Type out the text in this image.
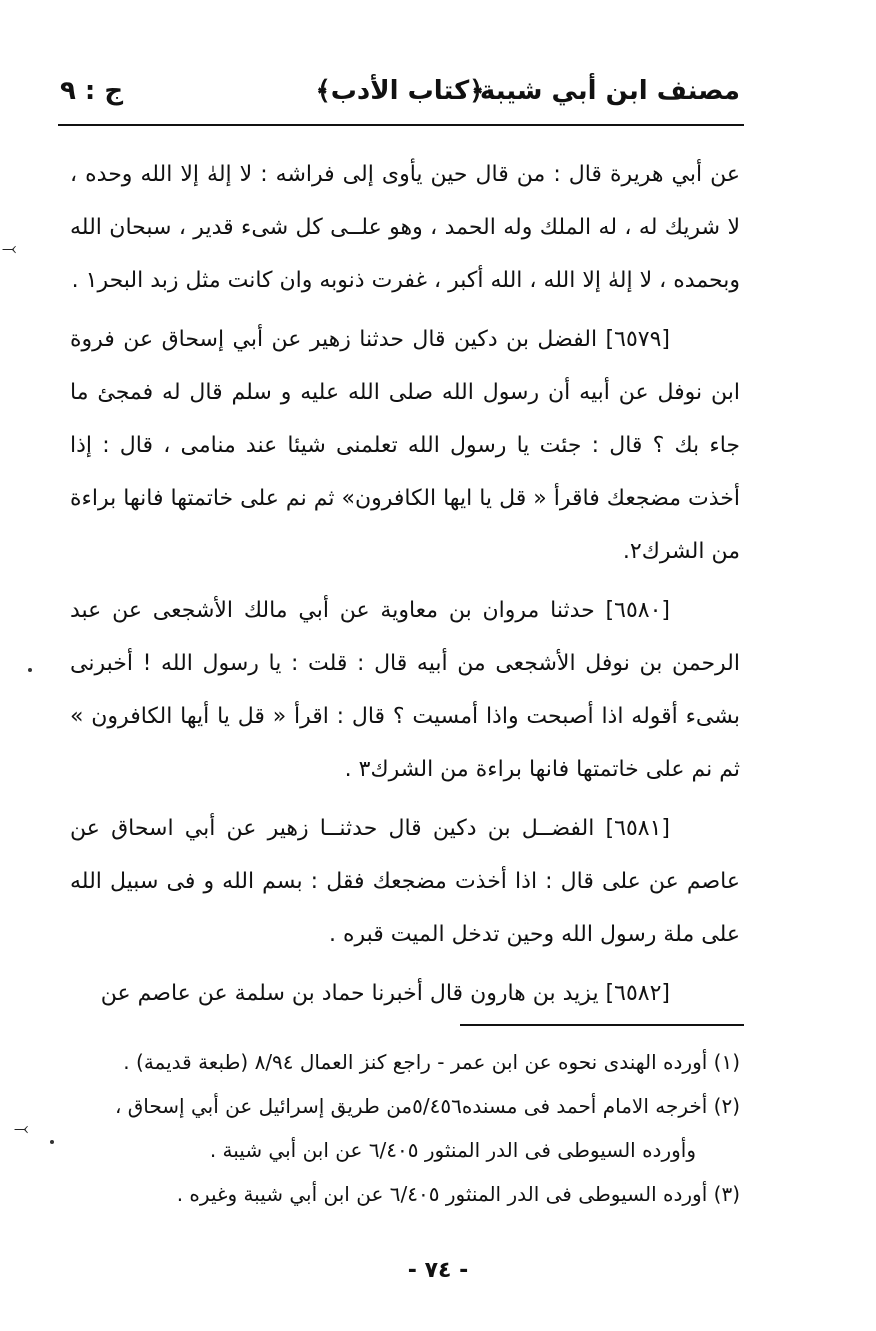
مصنف ابن أبي شيبة
﴿كتاب الأدب﴾
ج : ٩

عن أبي هريرة قال : من قال حين يأوى إلى فراشه : لا إلهٰ إلا الله وحده ، لا شريك له ، له الملك وله الحمد ، وهو علــى كل شىء قدير ، سبحان الله وبحمده ، لا إلهٰ إلا الله ، الله أكبر ، غفرت ذنوبه وان كانت مثل زبد البحر١ .

[٦٥٧٩] الفضل بن دكين قال حدثنا زهير عن أبي إسحاق عن فروة ابن نوفل عن أبيه أن رسول الله صلى الله عليه و سلم قال له فمجئ ما جاء بك ؟ قال : جئت يا رسول الله تعلمنى شيئا عند منامى ، قال : إذا أخذت مضجعك فاقرأ « قل يا ايها الكافرون» ثم نم على خاتمتها فانها براءة من الشرك٢.

[٦٥٨٠] حدثنا مروان بن معاوية عن أبي مالك الأشجعى عن عبد الرحمن بن نوفل الأشجعى من أبيه قال : قلت : يا رسول الله ! أخبرنى بشىء أقوله اذا أصبحت واذا أمسيت ؟ قال : اقرأ « قل يا أيها الكافرون » ثم نم على خاتمتها فانها براءة من الشرك٣ .

[٦٥٨١] الفضــل بن دكين قال حدثنــا زهير عن أبي اسحاق عن عاصم عن على قال : اذا أخذت مضجعك فقل : بسم الله و فى سبيل الله على ملة رسول الله وحين تدخل الميت قبره .

[٦٥٨٢] يزيد بن هارون قال أخبرنا حماد بن سلمة عن عاصم عن

(١) أورده الهندى نحوه عن ابن عمر - راجع كنز العمال ٨/٩٤ (طبعة قديمة) .

(٢) أخرجه الامام أحمد فى مسنده٥/٤٥٦من طريق إسرائيل عن أبي إسحاق ،

وأورده السيوطى فى الدر المنثور ٦/٤٠٥ عن ابن أبي شيبة .

(٣) أورده السيوطى فى الدر المنثور ٦/٤٠٥ عن ابن أبي شيبة وغيره .

- ٧٤ -
⤙
⤙
